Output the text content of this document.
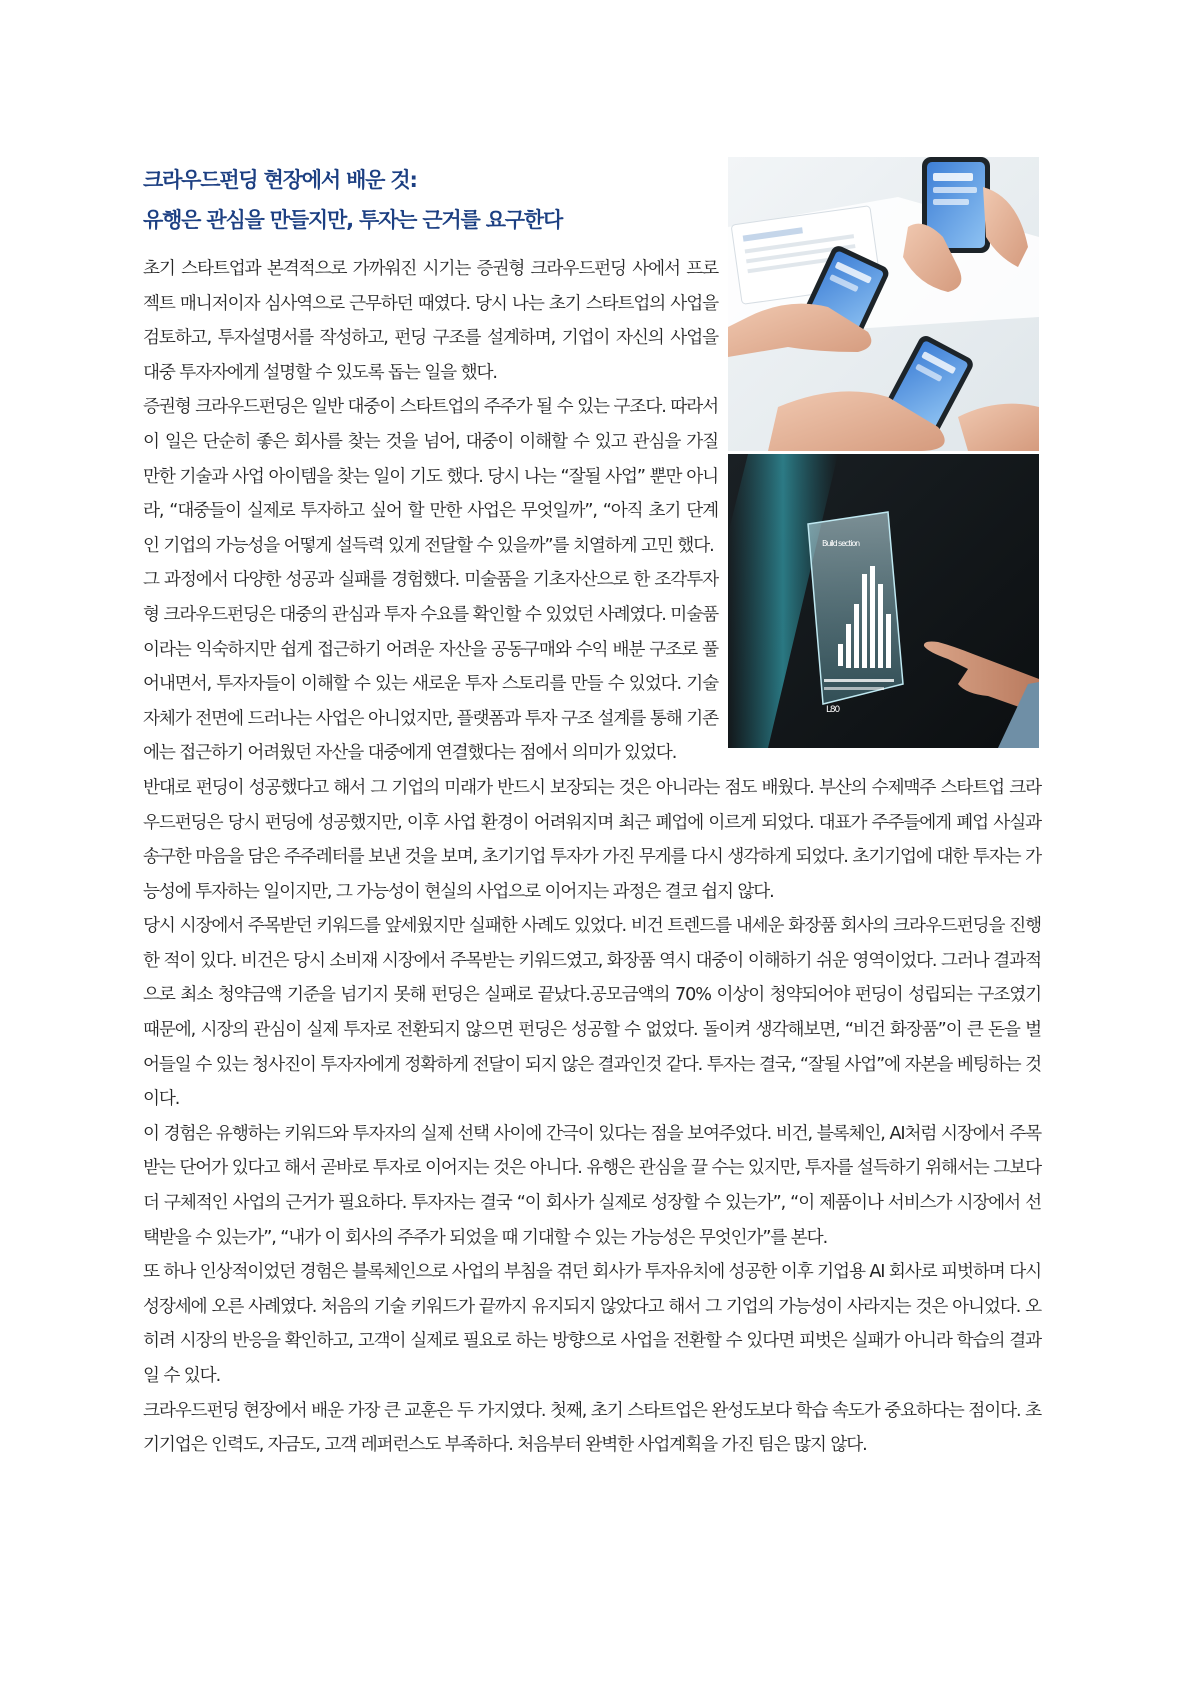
크라우드펀딩 현장에서 배운 것:
유행은 관심을 만들지만, 투자는 근거를 요구한다
Build section
L80

초기 스타트업과 본격적으로 가까워진 시기는 증권형 크라우드펀딩 사에서 프로젝트 매니저이자 심사역으로 근무하던 때였다. 당시 나는 초기 스타트업의 사업을 검토하고, 투자설명서를 작성하고, 펀딩 구조를 설계하며, 기업이 자신의 사업을 대중 투자자에게 설명할 수 있도록 돕는 일을 했다.

증권형 크라우드펀딩은 일반 대중이 스타트업의 주주가 될 수 있는 구조다. 따라서 이 일은 단순히 좋은 회사를 찾는 것을 넘어, 대중이 이해할 수 있고 관심을 가질 만한 기술과 사업 아이템을 찾는 일이 기도 했다. 당시 나는 “잘될 사업” 뿐만 아니라, “대중들이 실제로 투자하고 싶어 할 만한 사업은 무엇일까”, “아직 초기 단계인 기업의 가능성을 어떻게 설득력 있게 전달할 수 있을까”를 치열하게 고민 했다.

그 과정에서 다양한 성공과 실패를 경험했다. 미술품을 기초자산으로 한 조각투자형 크라우드펀딩은 대중의 관심과 투자 수요를 확인할 수 있었던 사례였다. 미술품이라는 익숙하지만 쉽게 접근하기 어려운 자산을 공동구매와 수익 배분 구조로 풀어내면서, 투자자들이 이해할 수 있는 새로운 투자 스토리를 만들 수 있었다. 기술 자체가 전면에 드러나는 사업은 아니었지만, 플랫폼과 투자 구조 설계를 통해 기존에는 접근하기 어려웠던 자산을 대중에게 연결했다는 점에서 의미가 있었다.

반대로 펀딩이 성공했다고 해서 그 기업의 미래가 반드시 보장되는 것은 아니라는 점도 배웠다. 부산의 수제맥주 스타트업 크라우드펀딩은 당시 펀딩에 성공했지만, 이후 사업 환경이 어려워지며 최근 폐업에 이르게 되었다. 대표가 주주들에게 폐업 사실과 송구한 마음을 담은 주주레터를 보낸 것을 보며, 초기기업 투자가 가진 무게를 다시 생각하게 되었다. 초기기업에 대한 투자는 가능성에 투자하는 일이지만, 그 가능성이 현실의 사업으로 이어지는 과정은 결코 쉽지 않다.

당시 시장에서 주목받던 키워드를 앞세웠지만 실패한 사례도 있었다. 비건 트렌드를 내세운 화장품 회사의 크라우드펀딩을 진행한 적이 있다. 비건은 당시 소비재 시장에서 주목받는 키워드였고, 화장품 역시 대중이 이해하기 쉬운 영역이었다. 그러나 결과적으로 최소 청약금액 기준을 넘기지 못해 펀딩은 실패로 끝났다.공모금액의 70% 이상이 청약되어야 펀딩이 성립되는 구조였기 때문에, 시장의 관심이 실제 투자로 전환되지 않으면 펀딩은 성공할 수 없었다. 돌이켜 생각해보면, “비건 화장품”이 큰 돈을 벌어들일 수 있는 청사진이 투자자에게 정확하게 전달이 되지 않은 결과인것 같다. 투자는 결국, “잘될 사업”에 자본을 베팅하는 것이다.

이 경험은 유행하는 키워드와 투자자의 실제 선택 사이에 간극이 있다는 점을 보여주었다. 비건, 블록체인, AI처럼 시장에서 주목받는 단어가 있다고 해서 곧바로 투자로 이어지는 것은 아니다. 유행은 관심을 끌 수는 있지만, 투자를 설득하기 위해서는 그보다 더 구체적인 사업의 근거가 필요하다. 투자자는 결국 “이 회사가 실제로 성장할 수 있는가”, “이 제품이나 서비스가 시장에서 선택받을 수 있는가”, “내가 이 회사의 주주가 되었을 때 기대할 수 있는 가능성은 무엇인가”를 본다.

또 하나 인상적이었던 경험은 블록체인으로 사업의 부침을 겪던 회사가 투자유치에 성공한 이후 기업용 AI 회사로 피벗하며 다시 성장세에 오른 사례였다. 처음의 기술 키워드가 끝까지 유지되지 않았다고 해서 그 기업의 가능성이 사라지는 것은 아니었다. 오히려 시장의 반응을 확인하고, 고객이 실제로 필요로 하는 방향으로 사업을 전환할 수 있다면 피벗은 실패가 아니라 학습의 결과일 수 있다.

크라우드펀딩 현장에서 배운 가장 큰 교훈은 두 가지였다. 첫째, 초기 스타트업은 완성도보다 학습 속도가 중요하다는 점이다. 초기기업은 인력도, 자금도, 고객 레퍼런스도 부족하다. 처음부터 완벽한 사업계획을 가진 팀은 많지 않다.
